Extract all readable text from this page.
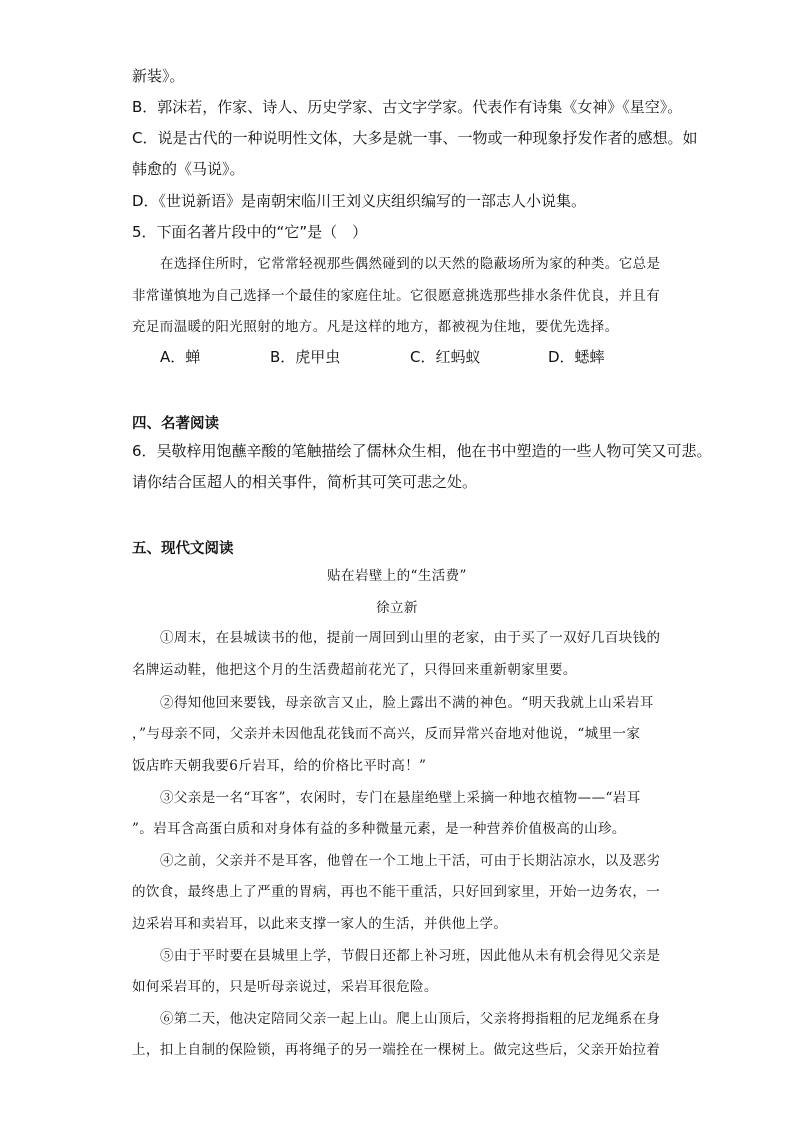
新装》。
B．郭沫若，作家、诗人、历史学家、古文字学家。代表作有诗集《女神》《星空》。
C．说是古代的一种说明性文体，大多是就一事、一物或一种现象抒发作者的感想。如
韩愈的《马说》。
D．《世说新语》是南朝宋临川王刘义庆组织编写的一部志人小说集。
5．下面名著片段中的“它”是（　）
在选择住所时，它常常轻视那些偶然碰到的以天然的隐蔽场所为家的种类。它总是
非常谨慎地为自己选择一个最佳的家庭住址。它很愿意挑选那些排水条件优良，并且有
充足而温暖的阳光照射的地方。凡是这样的地方，都被视为住地，要优先选择。
A．蝉	B．虎甲虫	C．红蚂蚁	D．蟋蟀
四、名著阅读
6．吴敬梓用饱蘸辛酸的笔触描绘了儒林众生相，他在书中塑造的一些人物可笑又可悲。
请你结合匡超人的相关事件，简析其可笑可悲之处。
五、现代文阅读
贴在岩壁上的“生活费”
徐立新
①周末，在县城读书的他，提前一周回到山里的老家，由于买了一双好几百块钱的
名牌运动鞋，他把这个月的生活费超前花光了，只得回来重新朝家里要。
②得知他回来要钱，母亲欲言又止，脸上露出不满的神色。“明天我就上山采岩耳
，”与母亲不同，父亲并未因他乱花钱而不高兴，反而异常兴奋地对他说，“城里一家
饭店昨天朝我要6斤岩耳，给的价格比平时高！”
③父亲是一名“耳客”，农闲时，专门在悬崖绝壁上采摘一种地衣植物——“岩耳
”。岩耳含高蛋白质和对身体有益的多种微量元素，是一种营养价值极高的山珍。
④之前，父亲并不是耳客，他曾在一个工地上干活，可由于长期沾凉水，以及恶劣
的饮食，最终患上了严重的胃病，再也不能干重活，只好回到家里，开始一边务农，一
边采岩耳和卖岩耳，以此来支撑一家人的生活，并供他上学。
⑤由于平时要在县城里上学，节假日还都上补习班，因此他从未有机会得见父亲是
如何采岩耳的，只是听母亲说过，采岩耳很危险。
⑥第二天，他决定陪同父亲一起上山。爬上山顶后，父亲将拇指粗的尼龙绳系在身
上，扣上自制的保险锁，再将绳子的另一端拴在一棵树上。做完这些后，父亲开始拉着
